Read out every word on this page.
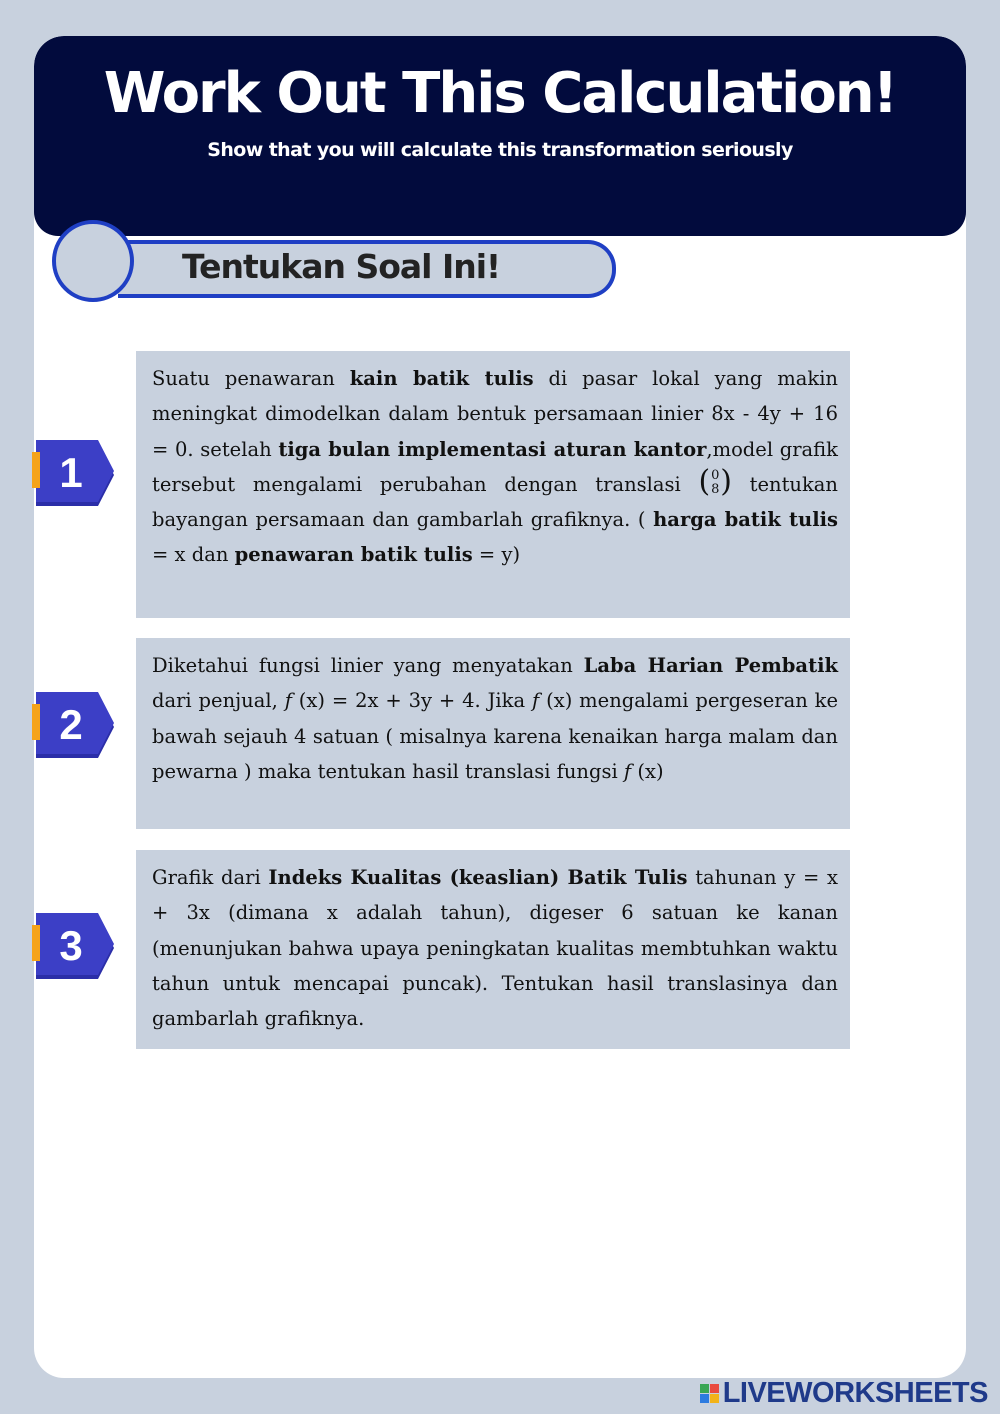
Work Out This Calculation!
Show that you will calculate this transformation seriously
Tentukan Soal Ini!
1
Suatu penawaran kain batik tulis di pasar lokal yang makin meningkat dimodelkan dalam bentuk persamaan linier 8x - 4y + 16 = 0. setelah tiga bulan implementasi aturan kantor,model grafik tersebut mengalami perubahan dengan translasi (0
8) tentukan bayangan persamaan dan gambarlah grafiknya. ( harga batik tulis = x dan penawaran batik tulis = y)
2
Diketahui fungsi linier yang menyatakan Laba Harian Pembatik dari penjual, f (x) = 2x + 3y + 4. Jika f (x) mengalami pergeseran ke bawah sejauh 4 satuan ( misalnya karena kenaikan harga malam dan pewarna ) maka tentukan hasil translasi fungsi f (x)
3
Grafik dari Indeks Kualitas (keaslian) Batik Tulis tahunan y = x + 3x (dimana x adalah tahun), digeser 6 satuan ke kanan (menunjukan bahwa upaya peningkatan kualitas membtuhkan waktu tahun untuk mencapai puncak). Tentukan hasil translasinya dan gambarlah grafiknya.
LIVEWORKSHEETS
